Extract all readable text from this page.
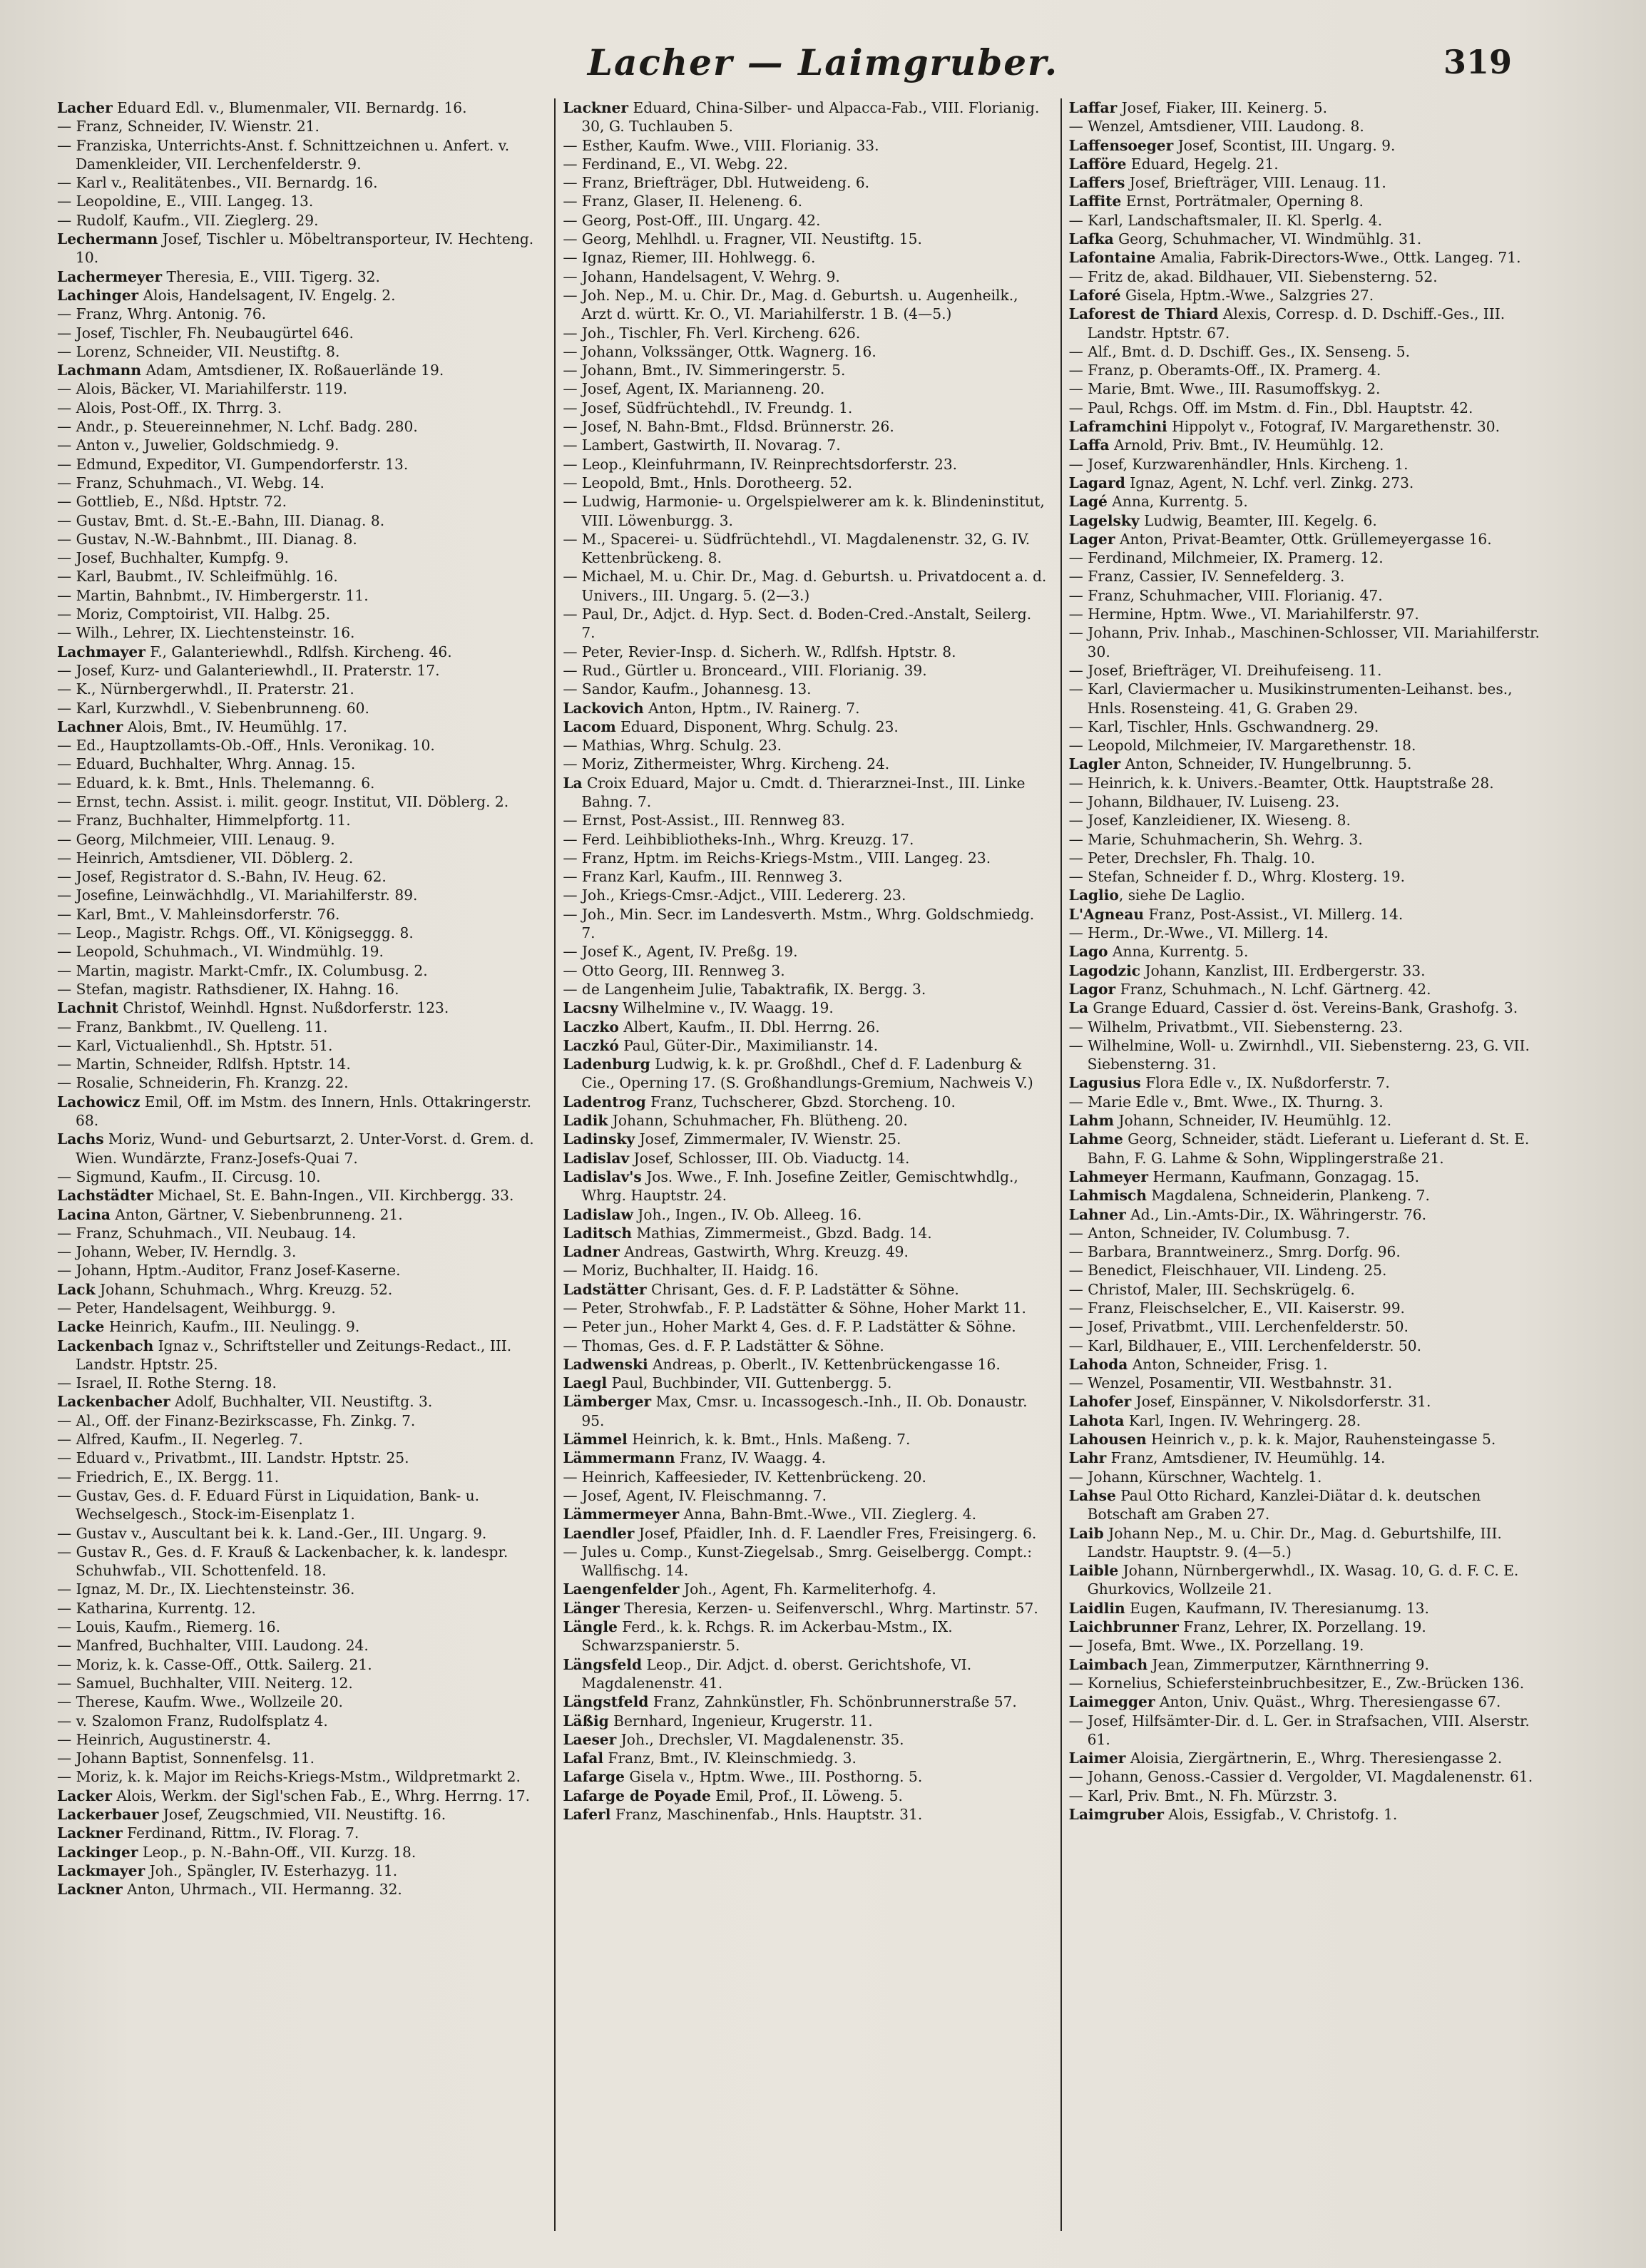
Lacher — Laimgruber.	319
Lacher Eduard Edl. v., Blumenmaler, VII. Bernardg. 16.
— Franz, Schneider, IV. Wienstr. 21.
— Franziska, Unterrichts-Anst. f. Schnittzeichnen u. Anfert. v. Damenkleider, VII. Lerchenfelderstr. 9.
— Karl v., Realitätenbes., VII. Bernardg. 16.
— Leopoldine, E., VIII. Langeg. 13.
— Rudolf, Kaufm., VII. Zieglerg. 29.
Lechermann Josef, Tischler u. Möbeltransporteur, IV. Hechteng. 10.
Lachermeyer Theresia, E., VIII. Tigerg. 32.
Lachinger Alois, Handelsagent, IV. Engelg. 2.
— Franz, Whrg. Antonig. 76.
— Josef, Tischler, Fh. Neubaugürtel 646.
— Lorenz, Schneider, VII. Neustiftg. 8.
Lachmann Adam, Amtsdiener, IX. Roßauerlände 19.
— Alois, Bäcker, VI. Mariahilferstr. 119.
— Alois, Post-Off., IX. Thrrg. 3.
— Andr., p. Steuereinnehmer, N. Lchf. Badg. 280.
— Anton v., Juwelier, Goldschmiedg. 9.
— Edmund, Expeditor, VI. Gumpendorferstr. 13.
— Franz, Schuhmach., VI. Webg. 14.
— Gottlieb, E., Nßd. Hptstr. 72.
— Gustav, Bmt. d. St.-E.-Bahn, III. Dianag. 8.
— Gustav, N.-W.-Bahnbmt., III. Dianag. 8.
— Josef, Buchhalter, Kumpfg. 9.
— Karl, Baubmt., IV. Schleifmühlg. 16.
— Martin, Bahnbmt., IV. Himbergerstr. 11.
— Moriz, Comptoirist, VII. Halbg. 25.
— Wilh., Lehrer, IX. Liechtensteinstr. 16.
Lachmayer F., Galanteriewhdl., Rdlfsh. Kircheng. 46.
— Josef, Kurz- und Galanteriewhdl., II. Praterstr. 17.
— K., Nürnbergerwhdl., II. Praterstr. 21.
— Karl, Kurzwhdl., V. Siebenbrunneng. 60.
Lachner Alois, Bmt., IV. Heumühlg. 17.
— Ed., Hauptzollamts-Ob.-Off., Hnls. Veronikag. 10.
— Eduard, Buchhalter, Whrg. Annag. 15.
— Eduard, k. k. Bmt., Hnls. Thelemanng. 6.
— Ernst, techn. Assist. i. milit. geogr. Institut, VII. Döblerg. 2.
— Franz, Buchhalter, Himmelpfortg. 11.
— Georg, Milchmeier, VIII. Lenaug. 9.
— Heinrich, Amtsdiener, VII. Döblerg. 2.
— Josef, Registrator d. S.-Bahn, IV. Heug. 62.
— Josefine, Leinwächhdlg., VI. Mariahilferstr. 89.
— Karl, Bmt., V. Mahleinsdorferstr. 76.
— Leop., Magistr. Rchgs. Off., VI. Königseggg. 8.
— Leopold, Schuhmach., VI. Windmühlg. 19.
— Martin, magistr. Markt-Cmfr., IX. Columbusg. 2.
— Stefan, magistr. Rathsdiener, IX. Hahng. 16.
Lachnit Christof, Weinhdl. Hgnst. Nußdorferstr. 123.
— Franz, Bankbmt., IV. Quelleng. 11.
— Karl, Victualienhdl., Sh. Hptstr. 51.
— Martin, Schneider, Rdlfsh. Hptstr. 14.
— Rosalie, Schneiderin, Fh. Kranzg. 22.
Lachowicz Emil, Off. im Mstm. des Innern, Hnls. Ottakringerstr. 68.
Lachs Moriz, Wund- und Geburtsarzt, 2. Unter-Vorst. d. Grem. d. Wien. Wundärzte, Franz-Josefs-Quai 7.
— Sigmund, Kaufm., II. Circusg. 10.
Lachstädter Michael, St. E. Bahn-Ingen., VII. Kirchbergg. 33.
Lacina Anton, Gärtner, V. Siebenbrunneng. 21.
— Franz, Schuhmach., VII. Neubaug. 14.
— Johann, Weber, IV. Herndlg. 3.
— Johann, Hptm.-Auditor, Franz Josef-Kaserne.
Lack Johann, Schuhmach., Whrg. Kreuzg. 52.
— Peter, Handelsagent, Weihburgg. 9.
Lacke Heinrich, Kaufm., III. Neulingg. 9.
Lackenbach Ignaz v., Schriftsteller und Zeitungs-Redact., III. Landstr. Hptstr. 25.
— Israel, II. Rothe Sterng. 18.
Lackenbacher Adolf, Buchhalter, VII. Neustiftg. 3.
— Al., Off. der Finanz-Bezirkscasse, Fh. Zinkg. 7.
— Alfred, Kaufm., II. Negerleg. 7.
— Eduard v., Privatbmt., III. Landstr. Hptstr. 25.
— Friedrich, E., IX. Bergg. 11.
— Gustav, Ges. d. F. Eduard Fürst in Liquidation, Bank- u. Wechselgesch., Stock-im-Eisenplatz 1.
— Gustav v., Auscultant bei k. k. Land.-Ger., III. Ungarg. 9.
— Gustav R., Ges. d. F. Krauß & Lackenbacher, k. k. landespr. Schuhwfab., VII. Schottenfeld. 18.
— Ignaz, M. Dr., IX. Liechtensteinstr. 36.
— Katharina, Kurrentg. 12.
— Louis, Kaufm., Riemerg. 16.
— Manfred, Buchhalter, VIII. Laudong. 24.
— Moriz, k. k. Casse-Off., Ottk. Sailerg. 21.
— Samuel, Buchhalter, VIII. Neiterg. 12.
— Therese, Kaufm. Wwe., Wollzeile 20.
— v. Szalomon Franz, Rudolfsplatz 4.
— Heinrich, Augustinerstr. 4.
— Johann Baptist, Sonnenfelsg. 11.
— Moriz, k. k. Major im Reichs-Kriegs-Mstm., Wildpretmarkt 2.
Lacker Alois, Werkm. der Sigl'schen Fab., E., Whrg. Herrng. 17.
Lackerbauer Josef, Zeugschmied, VII. Neustiftg. 16.
Lackner Ferdinand, Rittm., IV. Florag. 7.
Lackinger Leop., p. N.-Bahn-Off., VII. Kurzg. 18.
Lackmayer Joh., Spängler, IV. Esterhazyg. 11.
Lackner Anton, Uhrmach., VII. Hermanng. 32.
Lackner Eduard, China-Silber- und Alpacca-Fab., VIII. Florianig. 30, G. Tuchlauben 5.
— Esther, Kaufm. Wwe., VIII. Florianig. 33.
— Ferdinand, E., VI. Webg. 22.
— Franz, Briefträger, Dbl. Hutweideng. 6.
— Franz, Glaser, II. Heleneng. 6.
— Georg, Post-Off., III. Ungarg. 42.
— Georg, Mehlhdl. u. Fragner, VII. Neustiftg. 15.
— Ignaz, Riemer, III. Hohlwegg. 6.
— Johann, Handelsagent, V. Wehrg. 9.
— Joh. Nep., M. u. Chir. Dr., Mag. d. Geburtsh. u. Augenheilk., Arzt d. württ. Kr. O., VI. Mariahilferstr. 1 B. (4—5.)
— Joh., Tischler, Fh. Verl. Kircheng. 626.
— Johann, Volkssänger, Ottk. Wagnerg. 16.
— Johann, Bmt., IV. Simmeringerstr. 5.
— Josef, Agent, IX. Marianneng. 20.
— Josef, Südfrüchtehdl., IV. Freundg. 1.
— Josef, N. Bahn-Bmt., Fldsd. Brünnerstr. 26.
— Lambert, Gastwirth, II. Novarag. 7.
— Leop., Kleinfuhrmann, IV. Reinprechtsdorferstr. 23.
— Leopold, Bmt., Hnls. Dorotheerg. 52.
— Ludwig, Harmonie- u. Orgelspielwerer am k. k. Blindeninstitut, VIII. Löwenburgg. 3.
— M., Spacerei- u. Südfrüchtehdl., VI. Magdalenenstr. 32, G. IV. Kettenbrückeng. 8.
— Michael, M. u. Chir. Dr., Mag. d. Geburtsh. u. Privatdocent a. d. Univers., III. Ungarg. 5. (2—3.)
— Paul, Dr., Adjct. d. Hyp. Sect. d. Boden-Cred.-Anstalt, Seilerg. 7.
— Peter, Revier-Insp. d. Sicherh. W., Rdlfsh. Hptstr. 8.
— Rud., Gürtler u. Bronceard., VIII. Florianig. 39.
— Sandor, Kaufm., Johannesg. 13.
Lackovich Anton, Hptm., IV. Rainerg. 7.
Lacom Eduard, Disponent, Whrg. Schulg. 23.
— Mathias, Whrg. Schulg. 23.
— Moriz, Zithermeister, Whrg. Kircheng. 24.
La Croix Eduard, Major u. Cmdt. d. Thierarznei-Inst., III. Linke Bahng. 7.
— Ernst, Post-Assist., III. Rennweg 83.
— Ferd. Leihbibliotheks-Inh., Whrg. Kreuzg. 17.
— Franz, Hptm. im Reichs-Kriegs-Mstm., VIII. Langeg. 23.
— Franz Karl, Kaufm., III. Rennweg 3.
— Joh., Kriegs-Cmsr.-Adjct., VIII. Ledererg. 23.
— Joh., Min. Secr. im Landesverth. Mstm., Whrg. Goldschmiedg. 7.
— Josef K., Agent, IV. Preßg. 19.
— Otto Georg, III. Rennweg 3.
— de Langenheim Julie, Tabaktrafik, IX. Bergg. 3.
Lacsny Wilhelmine v., IV. Waagg. 19.
Laczko Albert, Kaufm., II. Dbl. Herrng. 26.
Laczkó Paul, Güter-Dir., Maximilianstr. 14.
Ladenburg Ludwig, k. k. pr. Großhdl., Chef d. F. Ladenburg & Cie., Operning 17. (S. Großhandlungs-Gremium, Nachweis V.)
Ladentrog Franz, Tuchscherer, Gbzd. Storcheng. 10.
Ladik Johann, Schuhmacher, Fh. Blütheng. 20.
Ladinsky Josef, Zimmermaler, IV. Wienstr. 25.
Ladislav Josef, Schlosser, III. Ob. Viaductg. 14.
Ladislav's Jos. Wwe., F. Inh. Josefine Zeitler, Gemischtwhdlg., Whrg. Hauptstr. 24.
Ladislaw Joh., Ingen., IV. Ob. Alleeg. 16.
Laditsch Mathias, Zimmermeist., Gbzd. Badg. 14.
Ladner Andreas, Gastwirth, Whrg. Kreuzg. 49.
— Moriz, Buchhalter, II. Haidg. 16.
Ladstätter Chrisant, Ges. d. F. P. Ladstätter & Söhne.
— Peter, Strohwfab., F. P. Ladstätter & Söhne, Hoher Markt 11.
— Peter jun., Hoher Markt 4, Ges. d. F. P. Ladstätter & Söhne.
— Thomas, Ges. d. F. P. Ladstätter & Söhne.
Ladwenski Andreas, p. Oberlt., IV. Kettenbrückengasse 16.
Laegl Paul, Buchbinder, VII. Guttenbergg. 5.
Lämberger Max, Cmsr. u. Incassogesch.-Inh., II. Ob. Donaustr. 95.
Lämmel Heinrich, k. k. Bmt., Hnls. Maßeng. 7.
Lämmermann Franz, IV. Waagg. 4.
— Heinrich, Kaffeesieder, IV. Kettenbrückeng. 20.
— Josef, Agent, IV. Fleischmanng. 7.
Lämmermeyer Anna, Bahn-Bmt.-Wwe., VII. Zieglerg. 4.
Laendler Josef, Pfaidler, Inh. d. F. Laendler Fres, Freisingerg. 6.
— Jules u. Comp., Kunst-Ziegelsab., Smrg. Geiselbergg. Compt.: Wallfischg. 14.
Laengenfelder Joh., Agent, Fh. Karmeliterhofg. 4.
Länger Theresia, Kerzen- u. Seifenverschl., Whrg. Martinstr. 57.
Längle Ferd., k. k. Rchgs. R. im Ackerbau-Mstm., IX. Schwarzspanierstr. 5.
Längsfeld Leop., Dir. Adjct. d. oberst. Gerichtshofe, VI. Magdalenenstr. 41.
Längstfeld Franz, Zahnkünstler, Fh. Schönbrunnerstraße 57.
Läßig Bernhard, Ingenieur, Krugerstr. 11.
Laeser Joh., Drechsler, VI. Magdalenenstr. 35.
Lafal Franz, Bmt., IV. Kleinschmiedg. 3.
Lafarge Gisela v., Hptm. Wwe., III. Posthorng. 5.
Lafarge de Poyade Emil, Prof., II. Löweng. 5.
Laferl Franz, Maschinenfab., Hnls. Hauptstr. 31.
Laffar Josef, Fiaker, III. Keinerg. 5.
— Wenzel, Amtsdiener, VIII. Laudong. 8.
Laffensoeger Josef, Scontist, III. Ungarg. 9.
Lafföre Eduard, Hegelg. 21.
Laffers Josef, Briefträger, VIII. Lenaug. 11.
Laffite Ernst, Porträtmaler, Operning 8.
— Karl, Landschaftsmaler, II. Kl. Sperlg. 4.
Lafka Georg, Schuhmacher, VI. Windmühlg. 31.
Lafontaine Amalia, Fabrik-Directors-Wwe., Ottk. Langeg. 71.
— Fritz de, akad. Bildhauer, VII. Siebensterng. 52.
Laforé Gisela, Hptm.-Wwe., Salzgries 27.
Laforest de Thiard Alexis, Corresp. d. D. Dschiff.-Ges., III. Landstr. Hptstr. 67.
— Alf., Bmt. d. D. Dschiff. Ges., IX. Senseng. 5.
— Franz, p. Oberamts-Off., IX. Pramerg. 4.
— Marie, Bmt. Wwe., III. Rasumoffskyg. 2.
— Paul, Rchgs. Off. im Mstm. d. Fin., Dbl. Hauptstr. 42.
Laframchini Hippolyt v., Fotograf, IV. Margarethenstr. 30.
Laffa Arnold, Priv. Bmt., IV. Heumühlg. 12.
— Josef, Kurzwarenhändler, Hnls. Kircheng. 1.
Lagard Ignaz, Agent, N. Lchf. verl. Zinkg. 273.
Lagé Anna, Kurrentg. 5.
Lagelsky Ludwig, Beamter, III. Kegelg. 6.
Lager Anton, Privat-Beamter, Ottk. Grüllemeyergasse 16.
— Ferdinand, Milchmeier, IX. Pramerg. 12.
— Franz, Cassier, IV. Sennefelderg. 3.
— Franz, Schuhmacher, VIII. Florianig. 47.
— Hermine, Hptm. Wwe., VI. Mariahilferstr. 97.
— Johann, Priv. Inhab., Maschinen-Schlosser, VII. Mariahilferstr. 30.
— Josef, Briefträger, VI. Dreihufeiseng. 11.
— Karl, Claviermacher u. Musikinstrumenten-Leihanst. bes., Hnls. Rosensteing. 41, G. Graben 29.
— Karl, Tischler, Hnls. Gschwandnerg. 29.
— Leopold, Milchmeier, IV. Margarethenstr. 18.
Lagler Anton, Schneider, IV. Hungelbrunng. 5.
— Heinrich, k. k. Univers.-Beamter, Ottk. Hauptstraße 28.
— Johann, Bildhauer, IV. Luiseng. 23.
— Josef, Kanzleidiener, IX. Wieseng. 8.
— Marie, Schuhmacherin, Sh. Wehrg. 3.
— Peter, Drechsler, Fh. Thalg. 10.
— Stefan, Schneider f. D., Whrg. Klosterg. 19.
Laglio, siehe De Laglio.
L'Agneau Franz, Post-Assist., VI. Millerg. 14.
— Herm., Dr.-Wwe., VI. Millerg. 14.
Lago Anna, Kurrentg. 5.
Lagodzic Johann, Kanzlist, III. Erdbergerstr. 33.
Lagor Franz, Schuhmach., N. Lchf. Gärtnerg. 42.
La Grange Eduard, Cassier d. öst. Vereins-Bank, Grashofg. 3.
— Wilhelm, Privatbmt., VII. Siebensterng. 23.
— Wilhelmine, Woll- u. Zwirnhdl., VII. Siebensterng. 23, G. VII. Siebensterng. 31.
Lagusius Flora Edle v., IX. Nußdorferstr. 7.
— Marie Edle v., Bmt. Wwe., IX. Thurng. 3.
Lahm Johann, Schneider, IV. Heumühlg. 12.
Lahme Georg, Schneider, städt. Lieferant u. Lieferant d. St. E. Bahn, F. G. Lahme & Sohn, Wipplingerstraße 21.
Lahmeyer Hermann, Kaufmann, Gonzagag. 15.
Lahmisch Magdalena, Schneiderin, Plankeng. 7.
Lahner Ad., Lin.-Amts-Dir., IX. Währingerstr. 76.
— Anton, Schneider, IV. Columbusg. 7.
— Barbara, Branntweinerz., Smrg. Dorfg. 96.
— Benedict, Fleischhauer, VII. Lindeng. 25.
— Christof, Maler, III. Sechskrügelg. 6.
— Franz, Fleischselcher, E., VII. Kaiserstr. 99.
— Josef, Privatbmt., VIII. Lerchenfelderstr. 50.
— Karl, Bildhauer, E., VIII. Lerchenfelderstr. 50.
Lahoda Anton, Schneider, Frisg. 1.
— Wenzel, Posamentir, VII. Westbahnstr. 31.
Lahofer Josef, Einspänner, V. Nikolsdorferstr. 31.
Lahota Karl, Ingen. IV. Wehringerg. 28.
Lahousen Heinrich v., p. k. k. Major, Rauhensteingasse 5.
Lahr Franz, Amtsdiener, IV. Heumühlg. 14.
— Johann, Kürschner, Wachtelg. 1.
Lahse Paul Otto Richard, Kanzlei-Diätar d. k. deutschen Botschaft am Graben 27.
Laib Johann Nep., M. u. Chir. Dr., Mag. d. Geburtshilfe, III. Landstr. Hauptstr. 9. (4—5.)
Laible Johann, Nürnbergerwhdl., IX. Wasag. 10, G. d. F. C. E. Ghurkovics, Wollzeile 21.
Laidlin Eugen, Kaufmann, IV. Theresianumg. 13.
Laichbrunner Franz, Lehrer, IX. Porzellang. 19.
— Josefa, Bmt. Wwe., IX. Porzellang. 19.
Laimbach Jean, Zimmerputzer, Kärnthnerring 9.
— Kornelius, Schiefersteinbruchbesitzer, E., Zw.-Brücken 136.
Laimegger Anton, Univ. Quäst., Whrg. Theresiengasse 67.
— Josef, Hilfsämter-Dir. d. L. Ger. in Strafsachen, VIII. Alserstr. 61.
Laimer Aloisia, Ziergärtnerin, E., Whrg. Theresiengasse 2.
— Johann, Genoss.-Cassier d. Vergolder, VI. Magdalenenstr. 61.
— Karl, Priv. Bmt., N. Fh. Mürzstr. 3.
Laimgruber Alois, Essigfab., V. Christofg. 1.
